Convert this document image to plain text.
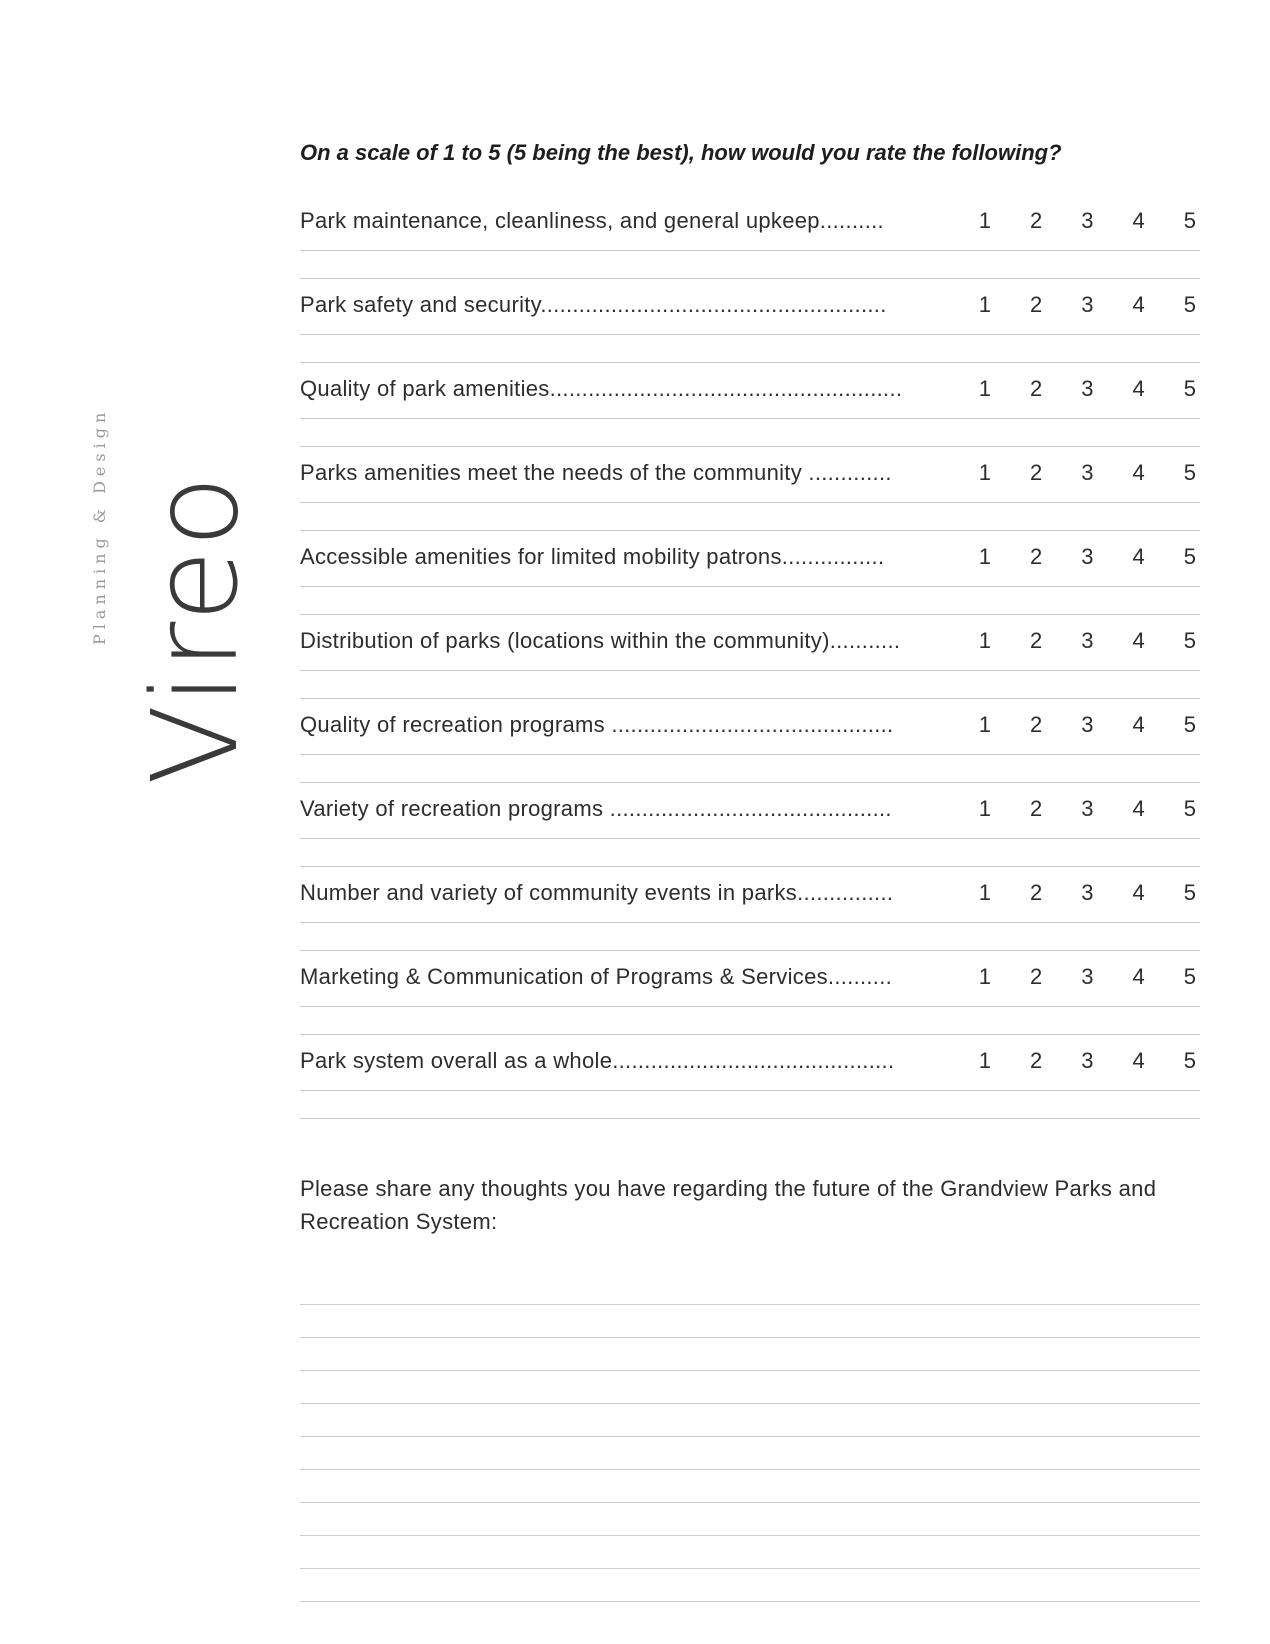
Vireo
Planning & Design
On a scale of 1 to 5 (5 being the best), how would you rate the following?
Park maintenance, cleanliness, and general upkeep..........	1 2 3 4 5
Park safety and security......................................................	1 2 3 4 5
Quality of park amenities.......................................................	1 2 3 4 5
Parks amenities meet the needs of the community .............	1 2 3 4 5
Accessible amenities for limited mobility patrons................	1 2 3 4 5
Distribution of parks (locations within the community)...........	1 2 3 4 5
Quality of recreation programs ............................................	1 2 3 4 5
Variety of recreation programs ............................................	1 2 3 4 5
Number and variety of community events in parks...............	1 2 3 4 5
Marketing & Communication of Programs & Services..........	1 2 3 4 5
Park system overall as a whole............................................	1 2 3 4 5
Please share any thoughts you have regarding the future of the Grandview Parks and Recreation System:
